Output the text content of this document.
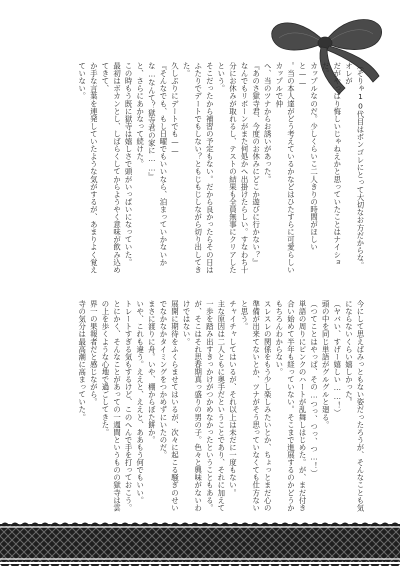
（そりゃ10代目はボンゴレにとって大切なお方だからな。オレが

だがやっぱり悔しいじゃねえかと思っていたことはナイショだ。

カップルなのだ。少しくらいこ二人きりの時間がほしい

と——

。当の本人達がどう考えているかなどはひたすらに可愛らしいカップルで仲

へ、当のツナからお誘いがあった。

『あのさ獄寺君、今度のお休みにどこか遊びに行かない？』

なんでもリボーンがまた何処かへ出掛けたらしい。すなわち十分にお休みが取れるし、テストの結果も全員無事にクリアしたという。

そこだったから補習の予定もない。だから良かったらその日はふたりでデートでもしない？ともじもじしながら切り出してきた。

久しぶりにデートでも——

『そんなでも、もし日曜でもいいなら、泊まっていかないかな…なんて？獄寺君の家に……』

と、さらにあかなって続けた。

この時もう既に獄寺は嬉しさで頭がいっぱいになっていた。

最初はボカンとし、しばらくしてからようやく意味が飲み込めてきて、

か手な言葉を連発していたような気がするが、あまりよく覚えていない。

今にして思えばみっともない姿だったろうが、そんなことも気にならないくらい嬉しかった。

（ヤバい、すげー嬉しい……！）

頭の中を同じ単語がグルグルと廻る。

（つてことはやっぱ、その…つっ、つっ、つ…！）

単語の周りにピンクのハートが乱舞しはじめた。が、まだ付き合い始めて半年も経っていない。そこまで進展するのかどうかもちろんわからない。

スレスレの関係をもう少し楽しみたいとか、ちょっとまだ心の準備が出来てないとか、ツナがそう思っていなくても仕方ないと思う。

チャイチャしてはいるが、それ以上は未だに一度もない。

主な原因は二人ともに奥手だということであり、それに加えて一歩を踏み出すきっかけがつかめなかったということもある。

が、そこはそれ思春期真っ盛りの男の子。色々と興味がないわけではない。

展開に期待をふくらませてはいるが、次々に起こる騒ぎのせいでなかなかタイミングをつかめずにいたのだ。

まさに渡りに舟。いや、棚からぼた餅か。

いや、これも違う。ええと、ええと、ああもう何でもいい。

トレートすぎる気もするけど、このへんで手を打っておこう。

とにかく、そんなことがあっての一週間というものの獄寺は雲の上を歩くような心地で過ごしてきた。

界一の果報者だと感じながら。

寺の気分は最高潮に高まっていた。
